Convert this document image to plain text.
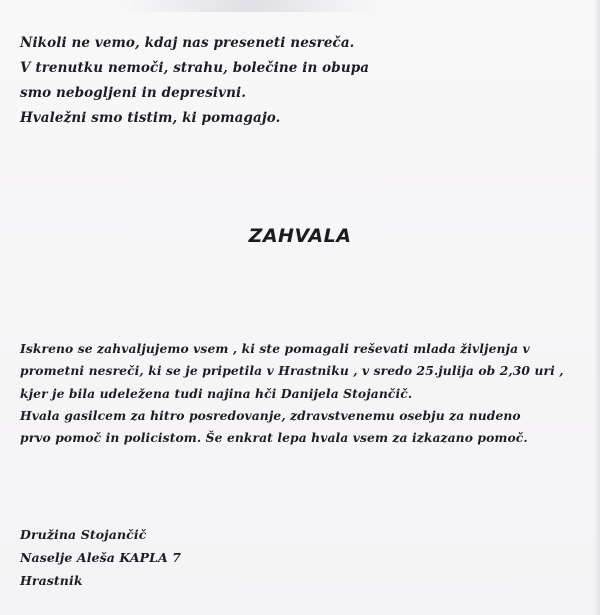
Nikoli ne vemo, kdaj nas preseneti nesreča.

V trenutku nemoči, strahu, bolečine in obupa

smo nebogljeni in depresivni.

Hvaležni smo tistim, ki pomagajo.

ZAHVALA

Iskreno se zahvaljujemo vsem , ki ste pomagali reševati mlada življenja v

prometni nesreči, ki se je pripetila v Hrastniku , v sredo 25.julija ob 2,30 uri ,

kjer je bila udeležena tudi najina hči Danijela Stojančič.

Hvala gasilcem za hitro posredovanje, zdravstvenemu osebju za nudeno

prvo pomoč in policistom. Še enkrat lepa hvala vsem za izkazano pomoč.

Družina Stojančič

Naselje Aleša KAPLA 7

Hrastnik
